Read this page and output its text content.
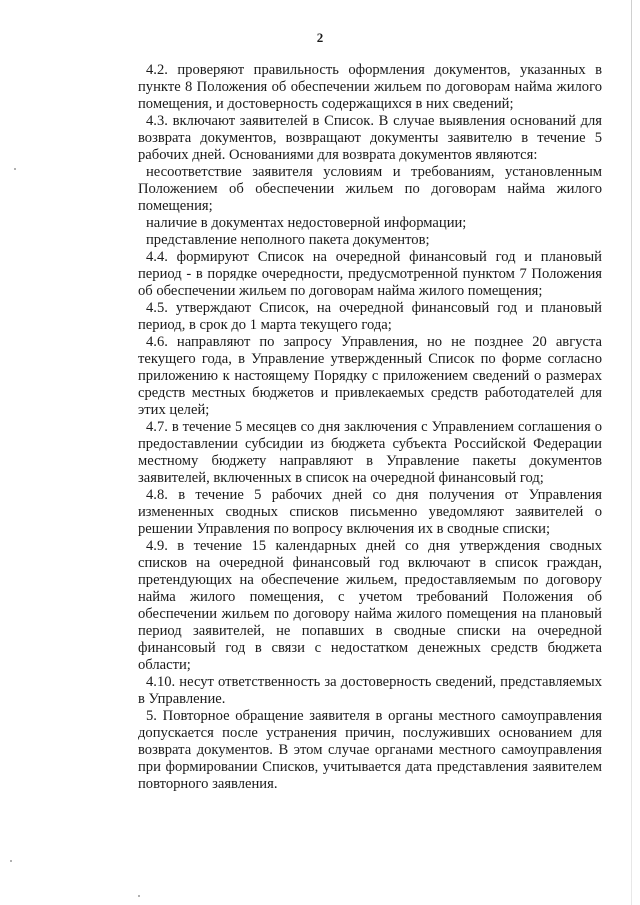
2

4.2. проверяют правильность оформления документов, указанных в пункте 8 Положения об обеспечении жильем по договорам найма жилого помещения, и достоверность содержащихся в них сведений;

4.3. включают заявителей в Список. В случае выявления оснований для возврата документов, возвращают документы заявителю в течение 5 рабочих дней. Основаниями для возврата документов являются:

несоответствие заявителя условиям и требованиям, установленным Положением об обеспечении жильем по договорам найма жилого помещения;

наличие в документах недостоверной информации;

представление неполного пакета документов;

4.4. формируют Список на очередной финансовый год и плановый период - в порядке очередности, предусмотренной пунктом 7 Положения об обеспечении жильем по договорам найма жилого помещения;

4.5. утверждают Список, на очередной финансовый год и плановый период, в срок до 1 марта текущего года;

4.6. направляют по запросу Управления, но не позднее 20 августа текущего года, в Управление утвержденный Список по форме согласно приложению к настоящему Порядку с приложением сведений о размерах средств местных бюджетов и привлекаемых средств работодателей для этих целей;

4.7. в течение 5 месяцев со дня заключения с Управлением соглашения о предоставлении субсидии из бюджета субъекта Российской Федерации местному бюджету направляют в Управление пакеты документов заявителей, включенных в список на очередной финансовый год;

4.8. в течение 5 рабочих дней со дня получения от Управления измененных сводных списков письменно уведомляют заявителей о решении Управления по вопросу включения их в сводные списки;

4.9. в течение 15 календарных дней со дня утверждения сводных списков на очередной финансовый год включают в список граждан, претендующих на обеспечение жильем, предоставляемым по договору найма жилого помещения, с учетом требований Положения об обеспечении жильем по договору найма жилого помещения на плановый период заявителей, не попавших в сводные списки на очередной финансовый год в связи с недостатком денежных средств бюджета области;

4.10. несут ответственность за достоверность сведений, представляемых в Управление.

5. Повторное обращение заявителя в органы местного самоуправления допускается после устранения причин, послуживших основанием для возврата документов. В этом случае органами местного самоуправления при формировании Списков, учитывается дата представления заявителем повторного заявления.
